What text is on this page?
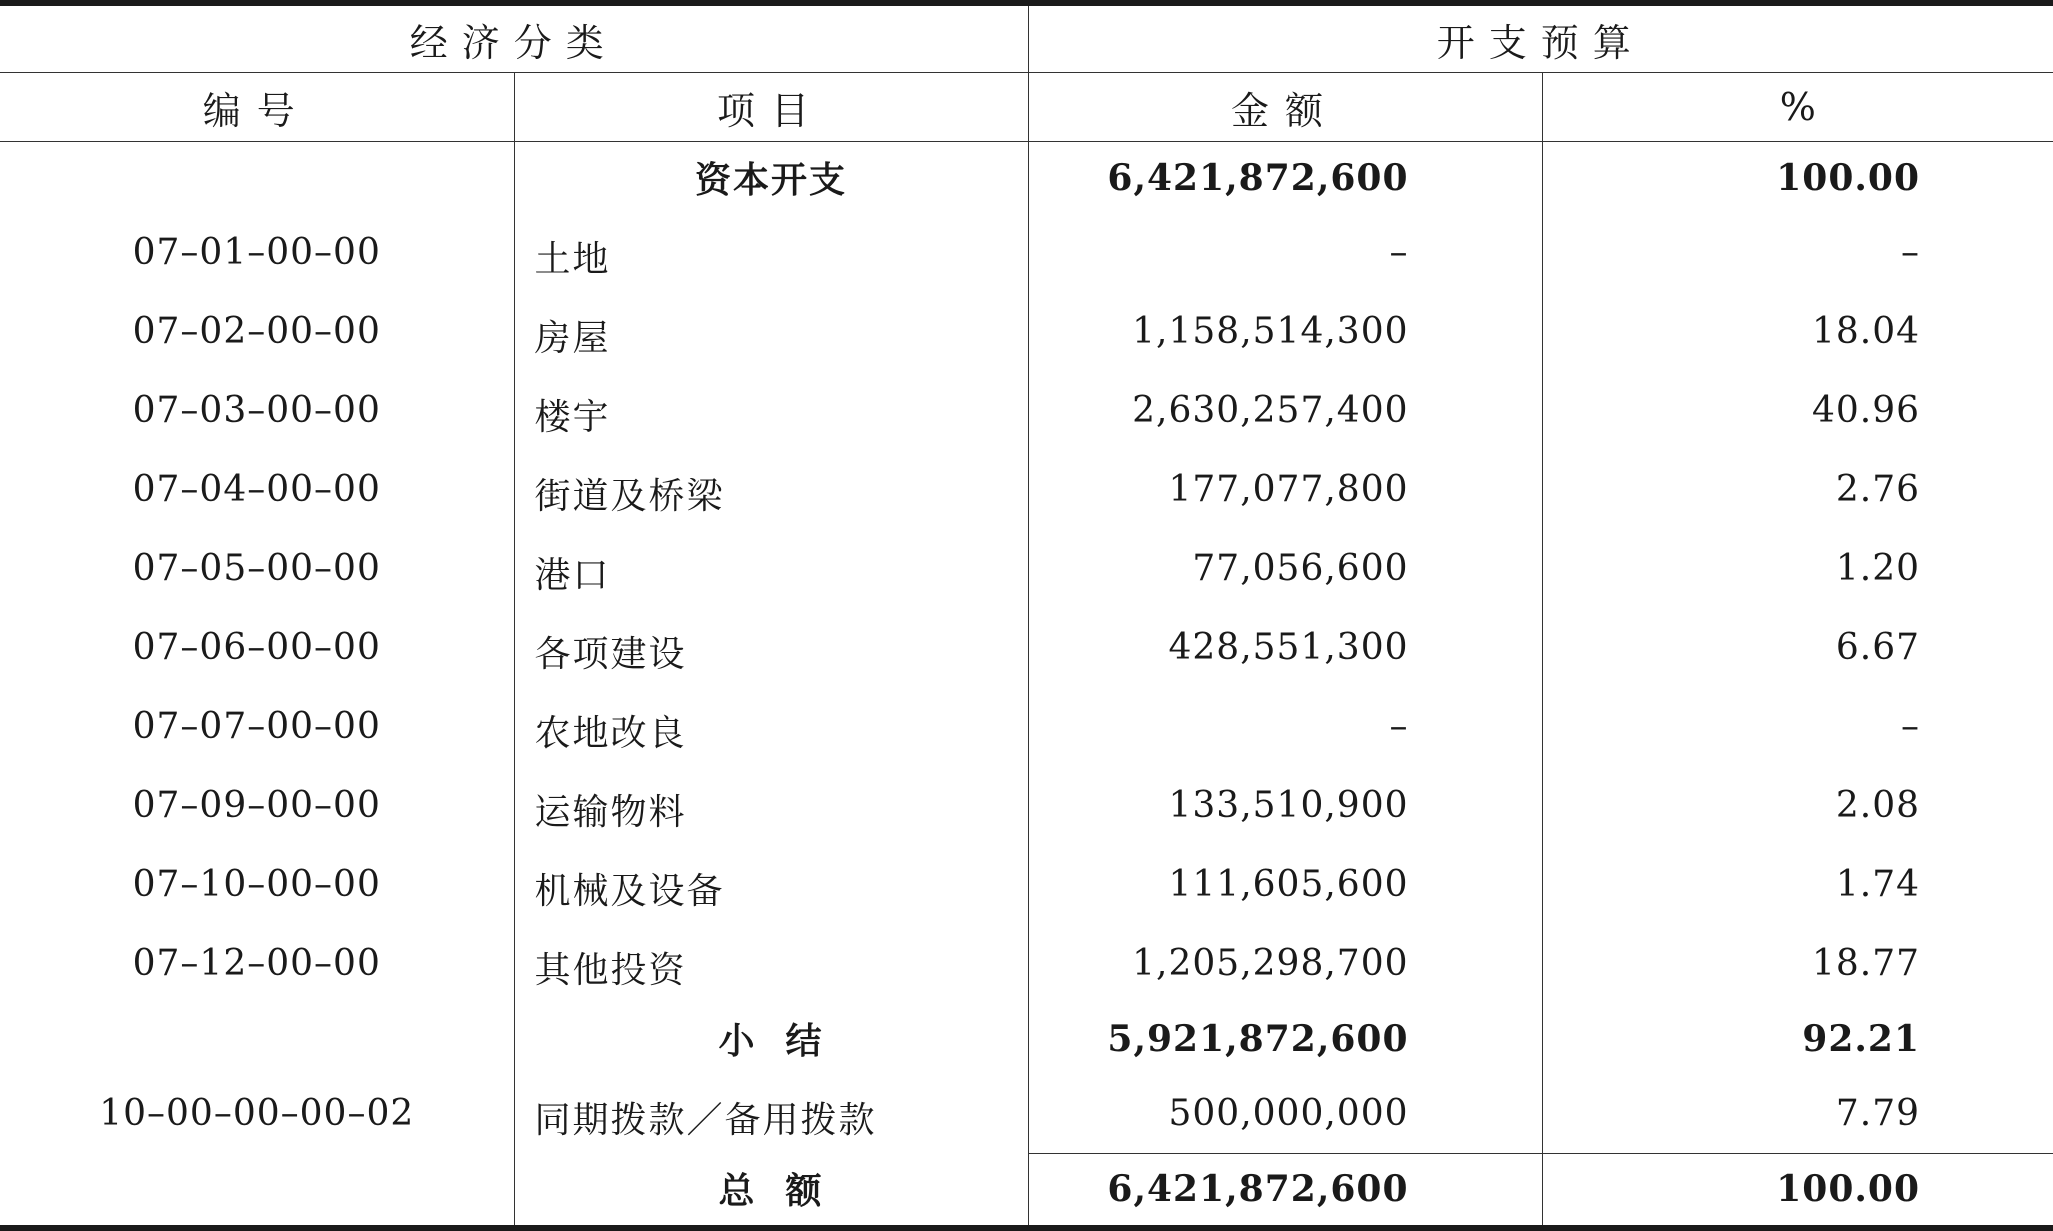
经济分类		开支预算	
编号	项目	金额	%
	资本开支	6,421,872,600	100.00
07–01–00–00	土地	–	–
07–02–00–00	房屋	1,158,514,300	18.04
07–03–00–00	楼宇	2,630,257,400	40.96
07–04–00–00	街道及桥梁	177,077,800	2.76
07–05–00–00	港口	77,056,600	1.20
07–06–00–00	各项建设	428,551,300	6.67
07–07–00–00	农地改良	–	–
07–09–00–00	运输物料	133,510,900	2.08
07–10–00–00	机械及设备	111,605,600	1.74
07–12–00–00	其他投资	1,205,298,700	18.77
	小  结	5,921,872,600	92.21
10–00–00–00–02	同期拨款／备用拨款	500,000,000	7.79
	总  额	6,421,872,600	100.00
